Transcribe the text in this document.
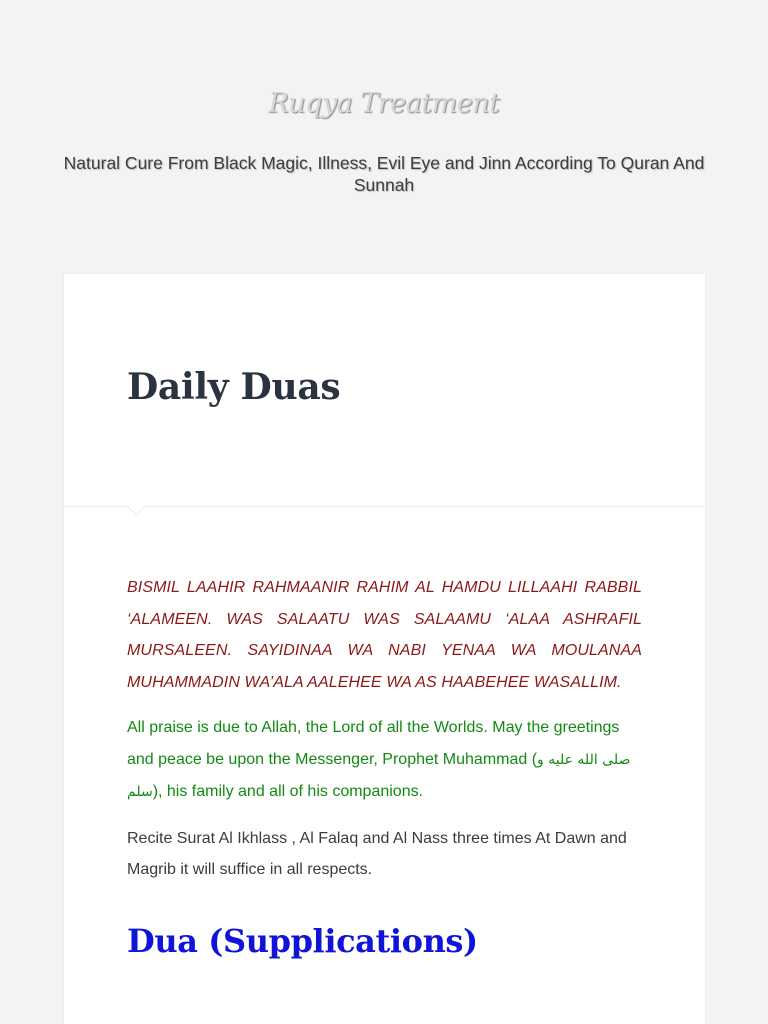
Ruqya Treatment

Natural Cure From Black Magic, Illness, Evil Eye and Jinn According To Quran And Sunnah

Daily Duas

BISMIL LAAHIR RAHMAANIR RAHIM AL HAMDU LILLAAHI RABBIL ‘ALAMEEN. WAS SALAATU WAS SALAAMU ‘ALAA ASHRAFIL MURSALEEN. SAYIDINAA WA NABI YENAA WA MOULANAA MUHAMMADIN WA’ALA AALEHEE WA AS HAABEHEE WASALLIM.

All praise is due to Allah, the Lord of all the Worlds. May the greetings and peace be upon the Messenger, Prophet Muhammad (صلى الله عليه و سلم), his family and all of his companions.

Recite Surat Al Ikhlass , Al Falaq and Al Nass three times At Dawn and Magrib it will suffice in all respects.

Dua (Supplications)
